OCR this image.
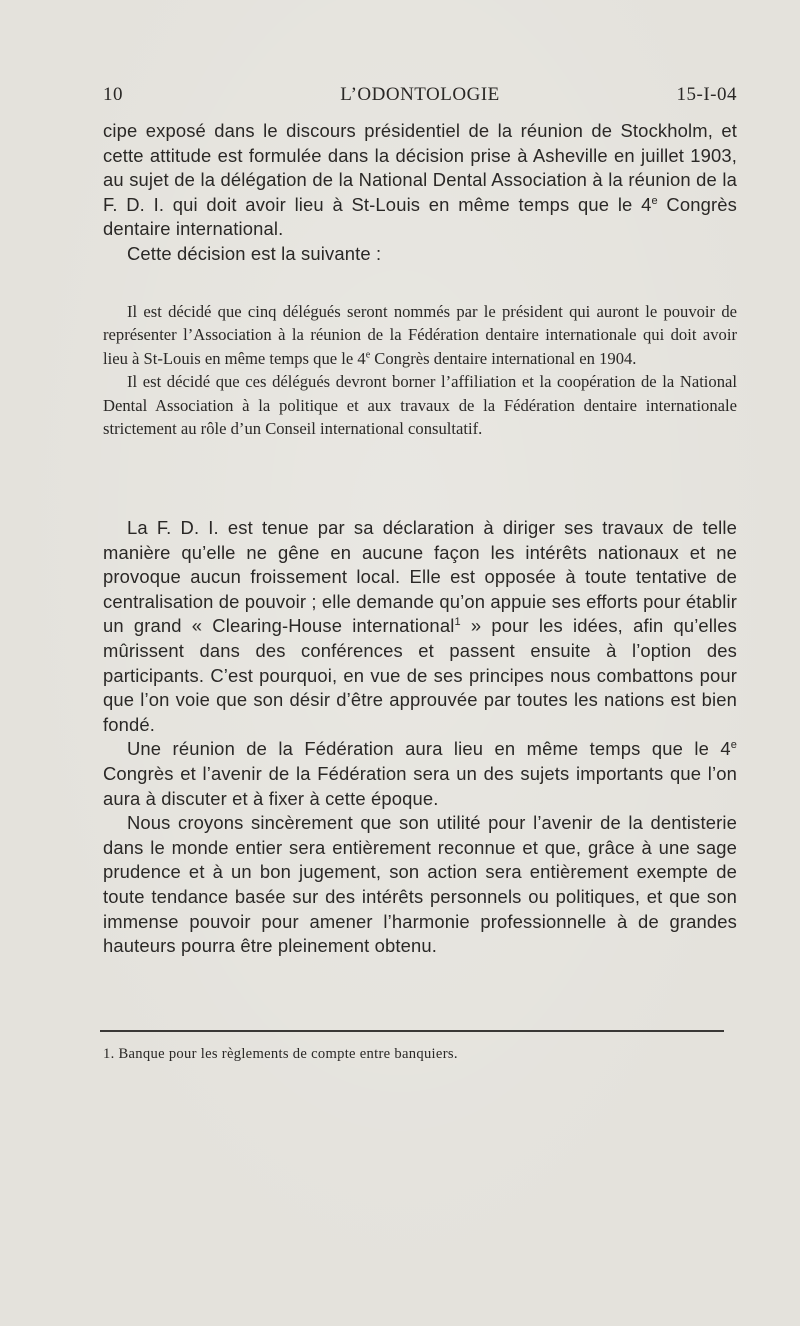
10	L’ODONTOLOGIE	15-I-04

cipe exposé dans le discours présidentiel de la réunion de Stockholm, et cette attitude est formulée dans la décision prise à Asheville en juillet 1903, au sujet de la délégation de la National Dental Association à la réunion de la F. D. I. qui doit avoir lieu à St-Louis en même temps que le 4e Congrès dentaire international.

Cette décision est la suivante :

Il est décidé que cinq délégués seront nommés par le président qui auront le pouvoir de représenter l’Association à la réunion de la Fédération dentaire internationale qui doit avoir lieu à St-Louis en même temps que le 4e Congrès dentaire international en 1904.

Il est décidé que ces délégués devront borner l’affiliation et la coopération de la National Dental Association à la politique et aux travaux de la Fédération dentaire internationale strictement au rôle d’un Conseil international consultatif.

La F. D. I. est tenue par sa déclaration à diriger ses travaux de telle manière qu’elle ne gêne en aucune façon les intérêts nationaux et ne provoque aucun froissement local. Elle est opposée à toute tentative de centralisation de pouvoir ; elle demande qu’on appuie ses efforts pour établir un grand « Clearing-House international$^1$ » pour les idées, afin qu’elles mûrissent dans des conférences et passent ensuite à l’option des participants. C’est pourquoi, en vue de ses principes nous combattons pour que l’on voie que son désir d’être approuvée par toutes les nations est bien fondé.

Une réunion de la Fédération aura lieu en même temps que le 4e Congrès et l’avenir de la Fédération sera un des sujets importants que l’on aura à discuter et à fixer à cette époque.

Nous croyons sincèrement que son utilité pour l’avenir de la dentisterie dans le monde entier sera entièrement reconnue et que, grâce à une sage prudence et à un bon jugement, son action sera entièrement exempte de toute tendance basée sur des intérêts personnels ou politiques, et que son immense pouvoir pour amener l’harmonie professionnelle à de grandes hauteurs pourra être pleinement obtenu.

1. Banque pour les règlements de compte entre banquiers.
